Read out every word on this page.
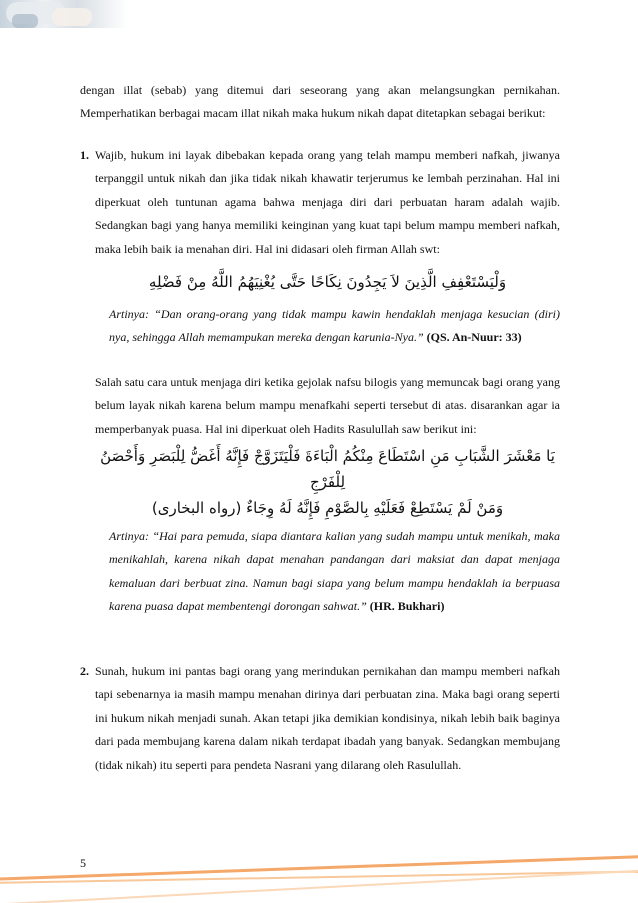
dengan illat (sebab) yang ditemui dari seseorang yang akan melangsungkan pernikahan. Memperhatikan berbagai macam illat nikah maka hukum nikah dapat ditetapkan sebagai berikut:

1. Wajib, hukum ini layak dibebakan kepada orang yang telah mampu memberi nafkah, jiwanya terpanggil untuk nikah dan jika tidak nikah khawatir terjerumus ke lembah perzinahan. Hal ini diperkuat oleh tuntunan agama bahwa menjaga diri dari perbuatan haram adalah wajib. Sedangkan bagi yang hanya memiliki keinginan yang kuat tapi belum mampu memberi nafkah, maka lebih baik ia menahan diri. Hal ini didasari oleh firman Allah swt:

وَلْيَسْتَعْفِفِ الَّذِينَ لاَ يَجِدُونَ نِكَاحًا حَتَّى يُغْنِيَهُمُ اللَّهُ مِنْ فَضْلِهِ

Artinya: “Dan orang-orang yang tidak mampu kawin hendaklah menjaga kesucian (diri) nya, sehingga Allah memampukan mereka dengan karunia-Nya.” (QS. An-Nuur: 33)

Salah satu cara untuk menjaga diri ketika gejolak nafsu bilogis yang memuncak bagi orang yang belum layak nikah karena belum mampu menafkahi seperti tersebut di atas. disarankan agar ia memperbanyak puasa. Hal ini diperkuat oleh Hadits Rasulullah saw berikut ini:

يَا مَعْشَرَ الشَّبَابِ مَنِ اسْتَطَاعَ مِنْكُمُ الْبَاءَةَ فَلْيَتَزَوَّجْ فَإِنَّهُ أَغَضُّ لِلْبَصَرِ وَأَحْصَنُ لِلْفَرْجِ
وَمَنْ لَمْ يَسْتَطِعْ فَعَلَيْهِ بِالصَّوْمِ فَإِنَّهُ لَهُ وِجَاءٌ (رواه البخارى)

Artinya: “Hai para pemuda, siapa diantara kalian yang sudah mampu untuk menikah, maka menikahlah, karena nikah dapat menahan pandangan dari maksiat dan dapat menjaga kemaluan dari berbuat zina. Namun bagi siapa yang belum mampu hendaklah ia berpuasa karena puasa dapat membentengi dorongan sahwat.” (HR. Bukhari)

2. Sunah, hukum ini pantas bagi orang yang merindukan pernikahan dan mampu memberi nafkah tapi sebenarnya ia masih mampu menahan dirinya dari perbuatan zina. Maka bagi orang seperti ini hukum nikah menjadi sunah. Akan tetapi jika demikian kondisinya, nikah lebih baik baginya dari pada membujang karena dalam nikah terdapat ibadah yang banyak. Sedangkan membujang (tidak nikah) itu seperti para pendeta Nasrani yang dilarang oleh Rasulullah.

5
